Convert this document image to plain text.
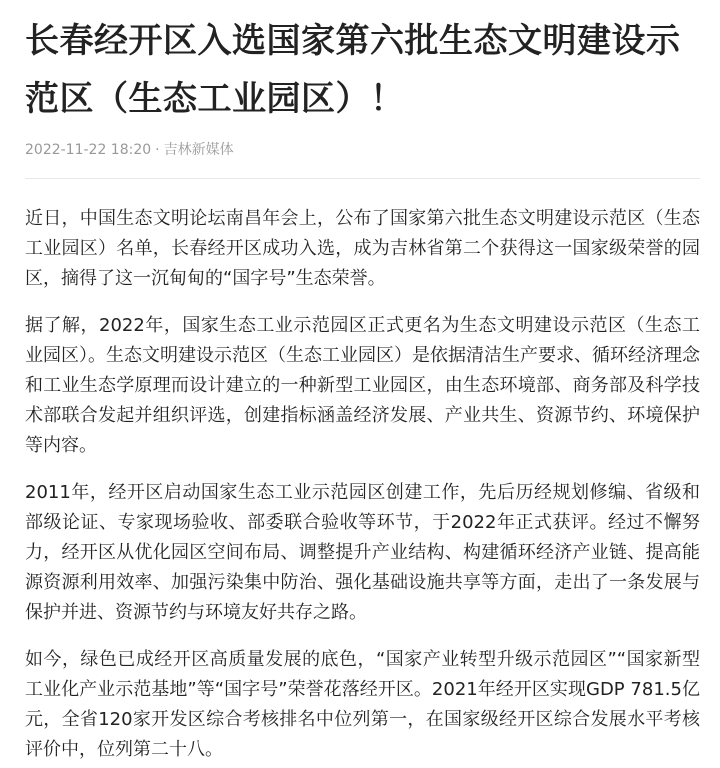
长春经开区入选国家第六批生态文明建设示范区（生态工业园区）！
2022-11-22 18:20 · 吉林新媒体

近日，中国生态文明论坛南昌年会上，公布了国家第六批生态文明建设示范区（生态工业园区）名单，长春经开区成功入选，成为吉林省第二个获得这一国家级荣誉的园区，摘得了这一沉甸甸的“国字号”生态荣誉。

据了解，2022年，国家生态工业示范园区正式更名为生态文明建设示范区（生态工业园区）。生态文明建设示范区（生态工业园区）是依据清洁生产要求、循环经济理念和工业生态学原理而设计建立的一种新型工业园区，由生态环境部、商务部及科学技术部联合发起并组织评选，创建指标涵盖经济发展、产业共生、资源节约、环境保护等内容。

2011年，经开区启动国家生态工业示范园区创建工作，先后历经规划修编、省级和部级论证、专家现场验收、部委联合验收等环节，于2022年正式获评。经过不懈努力，经开区从优化园区空间布局、调整提升产业结构、构建循环经济产业链、提高能源资源利用效率、加强污染集中防治、强化基础设施共享等方面，走出了一条发展与保护并进、资源节约与环境友好共存之路。

如今，绿色已成经开区高质量发展的底色，“国家产业转型升级示范园区”“国家新型工业化产业示范基地”等“国字号”荣誉花落经开区。2021年经开区实现GDP 781.5亿元，全省120家开发区综合考核排名中位列第一，在国家级经开区综合发展水平考核评价中，位列第二十八。
